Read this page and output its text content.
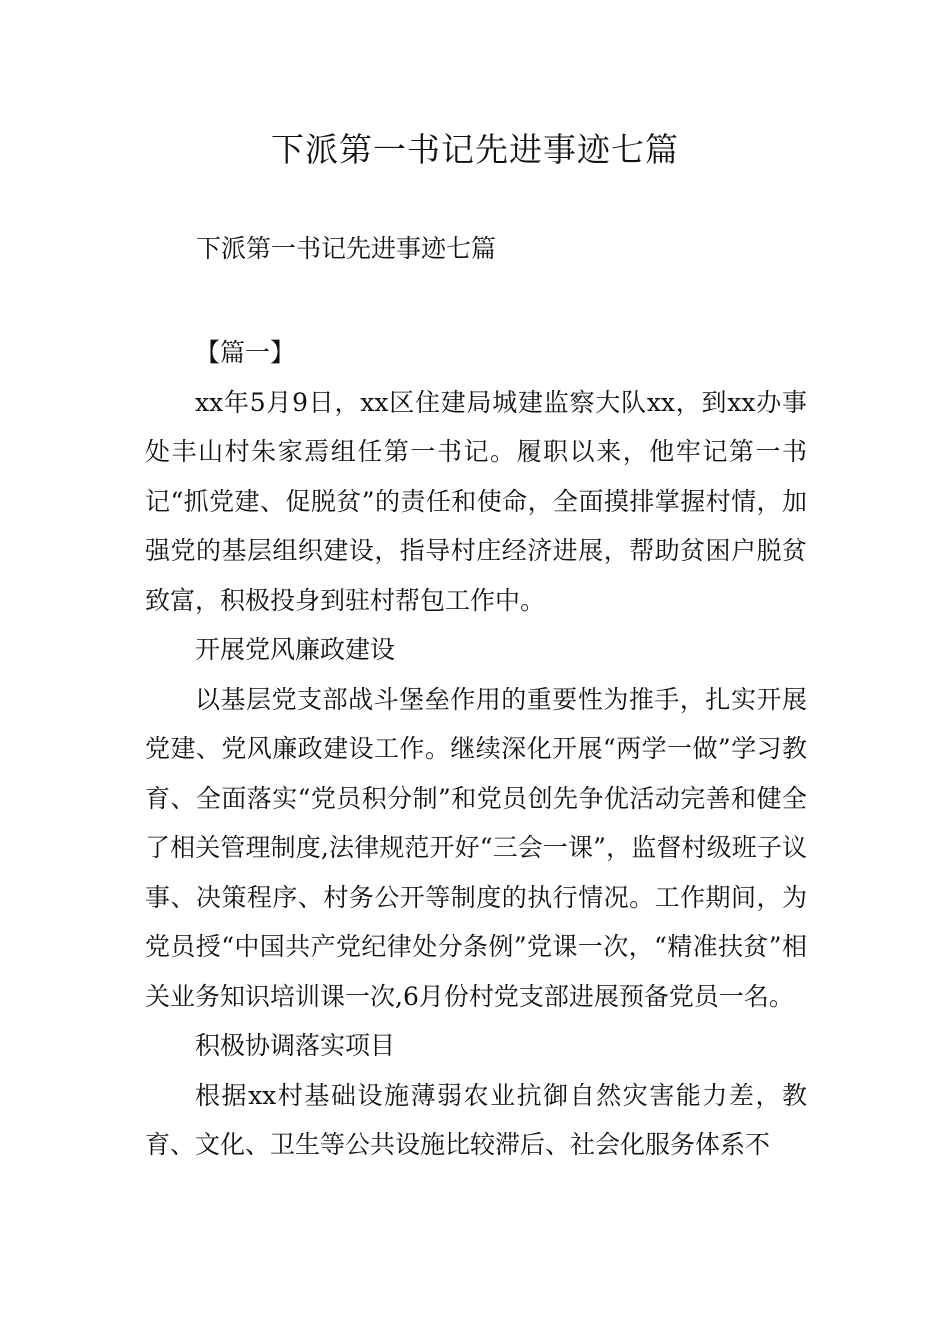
下派第一书记先进事迹七篇

下派第一书记先进事迹七篇

【篇一】

xx年5月9日，xx区住建局城建监察大队xx，到xx办事处丰山村朱家焉组任第一书记。履职以来，他牢记第一书记“抓党建、促脱贫”的责任和使命，全面摸排掌握村情，加强党的基层组织建设，指导村庄经济进展，帮助贫困户脱贫致富，积极投身到驻村帮包工作中。

开展党风廉政建设

以基层党支部战斗堡垒作用的重要性为推手，扎实开展党建、党风廉政建设工作。继续深化开展“两学一做”学习教育、全面落实“党员积分制”和党员创先争优活动完善和健全了相关管理制度,法律规范开好“三会一课”，监督村级班子议事、决策程序、村务公开等制度的执行情况。工作期间，为党员授“中国共产党纪律处分条例”党课一次，“精准扶贫”相关业务知识培训课一次,6月份村党支部进展预备党员一名。

积极协调落实项目

根据xx村基础设施薄弱农业抗御自然灾害能力差，教育、文化、卫生等公共设施比较滞后、社会化服务体系不
